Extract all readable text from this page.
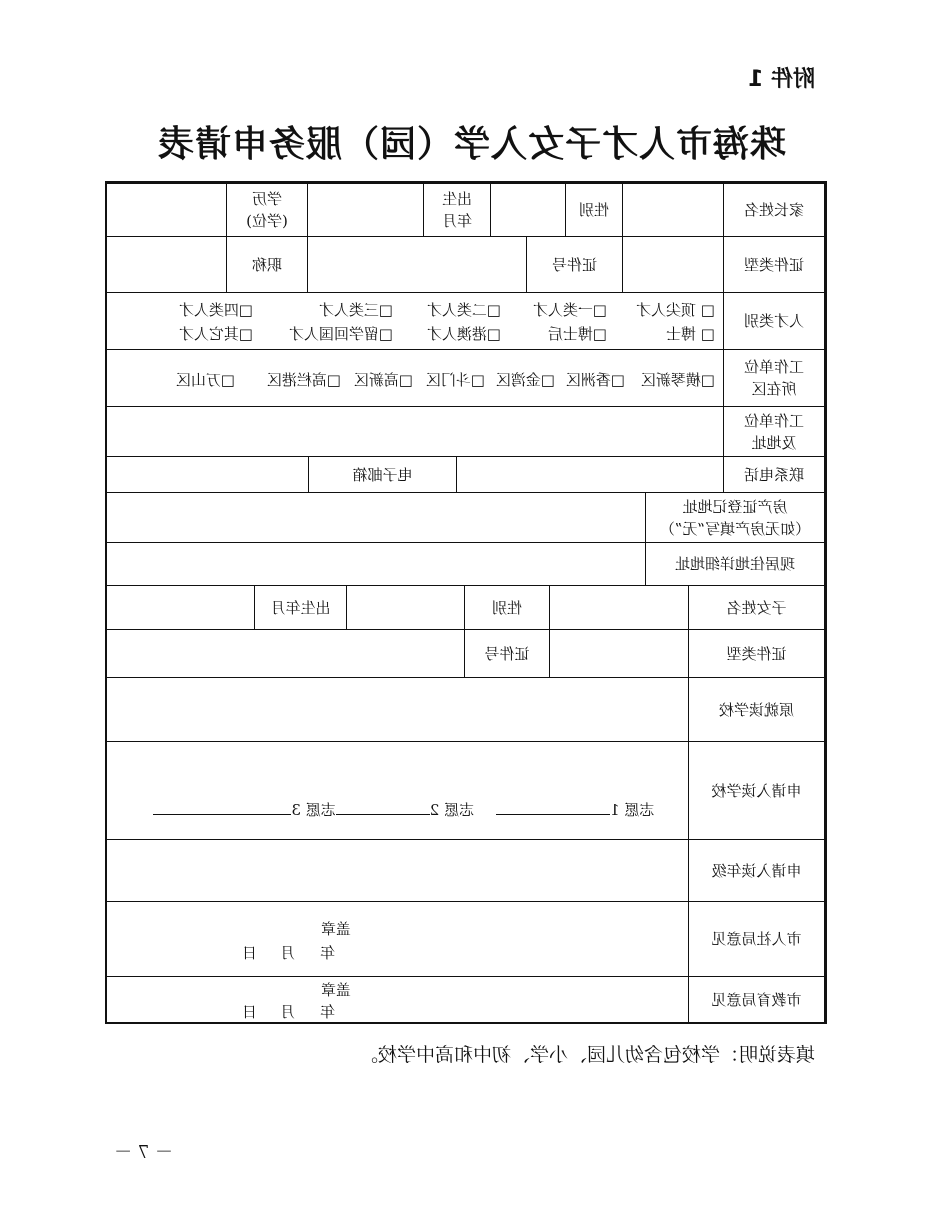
附件 1
珠海市人才子女入学（园）服务申请表
家长姓名
性别
出生
年月
学历
(学位)
证件类型
证件号
职称
人才类别
□ 顶尖人才
□一类人才
□二类人才
□三类人才
□四类人才
□ 博士
□博士后
□港澳人才
□留学回国人才
□其它人才
工作单位
所在区
□横琴新区
□香洲区
□金湾区
□斗门区
□高新区
□高栏港区
□万山区
工作单位
及地址
联系电话
电子邮箱
房产证登记地址
（如无房产填写“无”）
现居住地详细地址
子女姓名
性别
出生年月
证件类型
证件号
原就读学校
申请入读学校

志愿 1志愿 2志愿 3

申请入读年级
市人社局意见
盖章
年
月
日
市教育局意见
盖章
年
月
日
填表说明：学校包含幼儿园、小学、初中和高中学校。
－ 7 －
